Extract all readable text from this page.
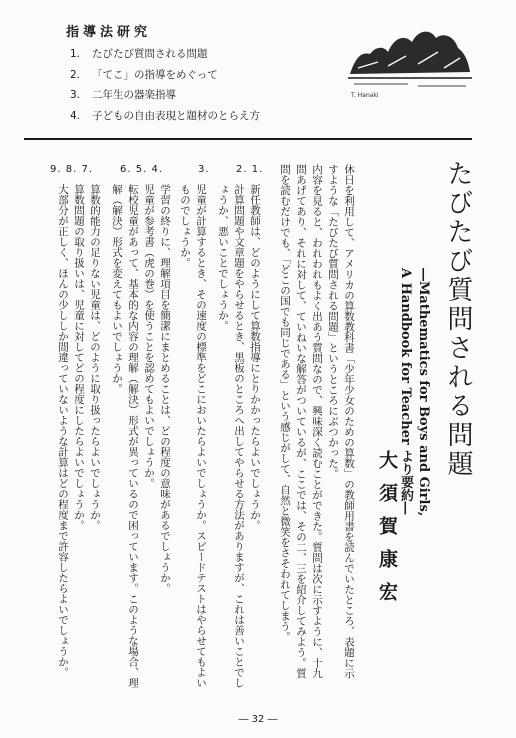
指導法研究
1. たびたび質問される問題
2. 「てこ」の指導をめぐって
3. 二年生の器楽指導
4. 子どもの自由表現と題材のとらえ方
T. Hanaki
たびたび質問される問題
―Mathematics for Boys and Girls,
A Handbook for Teacher より要約―
大須賀康宏
休日を利用して、アメリカの算数教科書「少年少女のための算数」の教師用書を読んでいたところ、表題に示
すような「たびたび質問される問題」というところにぶつかった。
内容を見ると、われわれもよく出あう質問なので、興味深く読むことができた。質問は次に示すように、十九
問あげてあり、それに対して、ていねいな解答がついているが、ここでは、その二、三を紹介してみよう。質
問を読むだけでも、「どこの国でも同じである」という感じがして、自然と微笑をさそわれてしまう。
2. 1.
新任教師は、どのようにして算数指導にとりかかったらよいでしょうか。
計算問題や文章題をやらせるとき、黒板のところへ出してやらせる方法がありますが、これは善いことでし
ょうか、悪いことでしょうか。
3.
児童が計算するとき、その速度の標準をどこにおいたらよいでしょうか。スピードテストはやらせてもよい
ものでしょうか。
6. 5. 4.
学習の終りに、理解項目を簡潔にまとめることは、どの程度の意味があるでしょうか。
児童が参考書（虎の巻）を使うことを認めてもよいでしょうか。
転校児童があって、基本的な内容の理解（解決）形式が異っているので困っています。このような場合、理
解（解決）形式を変えてもよいでしょうか。
9. 8. 7.
算数的能力の足りない児童は、どのように取り扱ったらよいでしょうか。
算数問題の取り扱いは、児童に対してどの程度にしたらよいでしょうか。
大部分が正しく、ほんの少ししか間違っていないような計算はどの程度まで許容したらよいでしょうか。
― 32 ―
